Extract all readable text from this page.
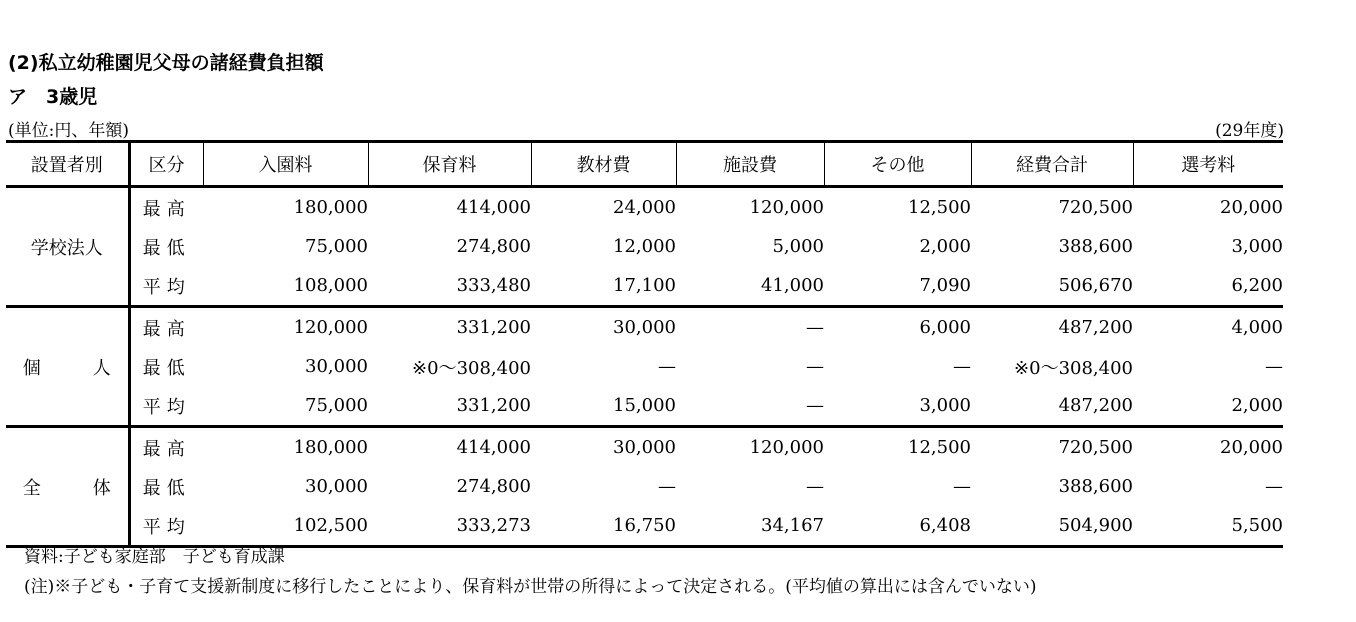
(2)私立幼稚園児父母の諸経費負担額
ア　3歳児
(単位:円、年額)	(29年度)
設置者別	区分	入園料	保育料	教材費	施設費	その他	経費合計	選考料
学校法人	最高	180,000	414,000	24,000	120,000	12,500	720,500	20,000
	最低	75,000	274,800	12,000	5,000	2,000	388,600	3,000
	平均	108,000	333,480	17,100	41,000	7,090	506,670	6,200
個人	最高	120,000	331,200	30,000	—	6,000	487,200	4,000
	最低	30,000	※0～308,400	—	—	—	※0～308,400	—
	平均	75,000	331,200	15,000	—	3,000	487,200	2,000
全体	最高	180,000	414,000	30,000	120,000	12,500	720,500	20,000
	最低	30,000	274,800	—	—	—	388,600	—
	平均	102,500	333,273	16,750	34,167	6,408	504,900	5,500
資料:子ども家庭部　子ども育成課
(注)※子ども・子育て支援新制度に移行したことにより、保育料が世帯の所得によって決定される。(平均値の算出には含んでいない)
